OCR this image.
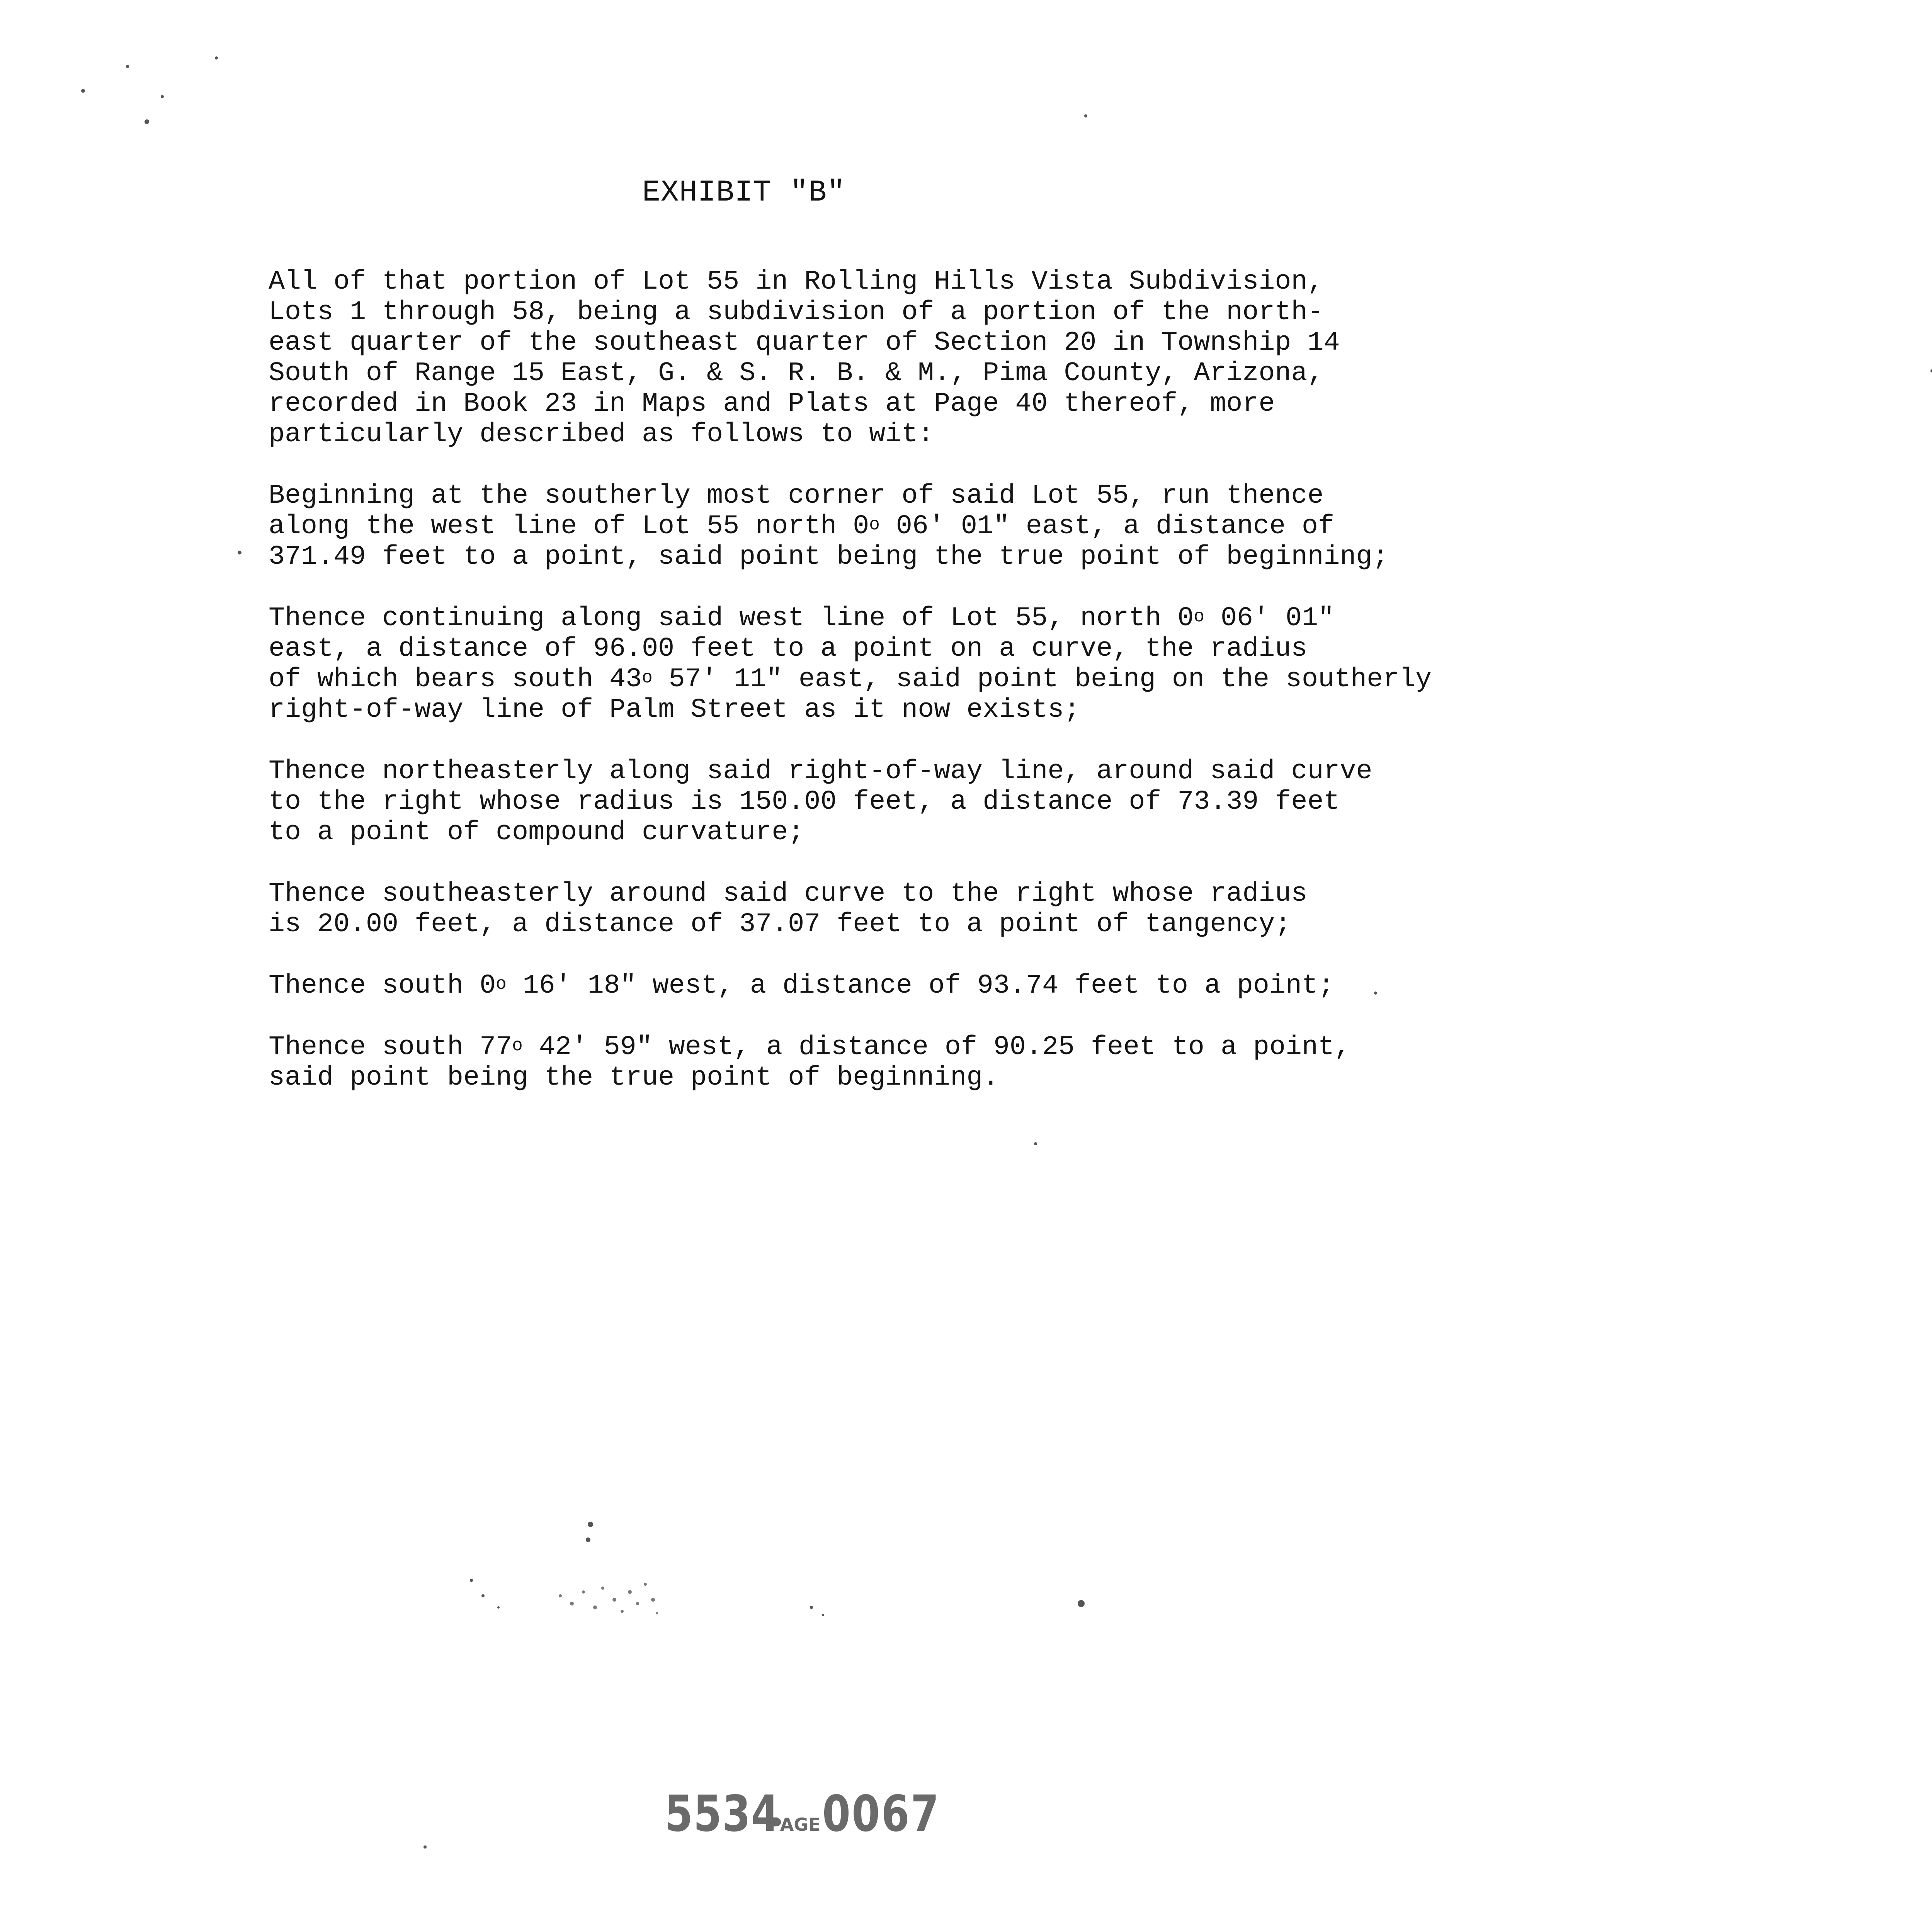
EXHIBIT "B"
All of that portion of Lot 55 in Rolling Hills Vista Subdivision,
Lots 1 through 58, being a subdivision of a portion of the north-
east quarter of the southeast quarter of Section 20 in Township 14
South of Range 15 East, G. & S. R. B. & M., Pima County, Arizona,
recorded in Book 23 in Maps and Plats at Page 40 thereof, more
particularly described as follows to wit:
Beginning at the southerly most corner of said Lot 55, run thence
along the west line of Lot 55 north 0$^o$ 06' 01" east, a distance of
371.49 feet to a point, said point being the true point of beginning;
Thence continuing along said west line of Lot 55, north 0$^o$ 06' 01"
east, a distance of 96.00 feet to a point on a curve, the radius
of which bears south 43$^o$ 57' 11" east, said point being on the southerly
right-of-way line of Palm Street as it now exists;
Thence northeasterly along said right-of-way line, around said curve
to the right whose radius is 150.00 feet, a distance of 73.39 feet
to a point of compound curvature;
Thence southeasterly around said curve to the right whose radius
is 20.00 feet, a distance of 37.07 feet to a point of tangency;
Thence south 0$^o$ 16' 18" west, a distance of 93.74 feet to a point;
Thence south 77$^o$ 42' 59" west, a distance of 90.25 feet to a point,
said point being the true point of beginning.
5534
PAGE 0067
